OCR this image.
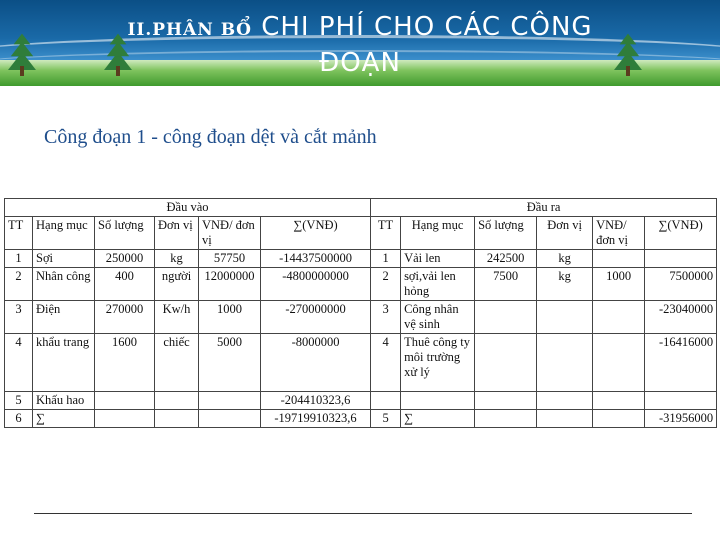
II.PHÂN BỔ CHI PHÍ CHO CÁC CÔNG
ĐOẠN
Công đoạn 1 - công đoạn dệt và cắt mảnh
Đầu vào						Đầu ra					
TT	Hạng mục	Số lượng	Đơn vị	VNĐ/ đơn vị	∑(VNĐ)	TT	Hạng mục	Số lượng	Đơn vị	VNĐ/ đơn vị	∑(VNĐ)
1	Sợi	250000	kg	57750	-14437500000	1	Vải len	242500	kg		
2	Nhân công	400	người	12000000	-4800000000	2	sợi,vải len hỏng	7500	kg	1000	7500000
3	Điện	270000	Kw/h	1000	-270000000	3	Công nhân vệ sinh				-23040000
4	khẩu trang	1600	chiếc	5000	-8000000	4	Thuê công ty môi trường xử lý				-16416000
5	Khấu hao				-204410323,6						
6	∑				-19719910323,6	5	∑				-31956000
